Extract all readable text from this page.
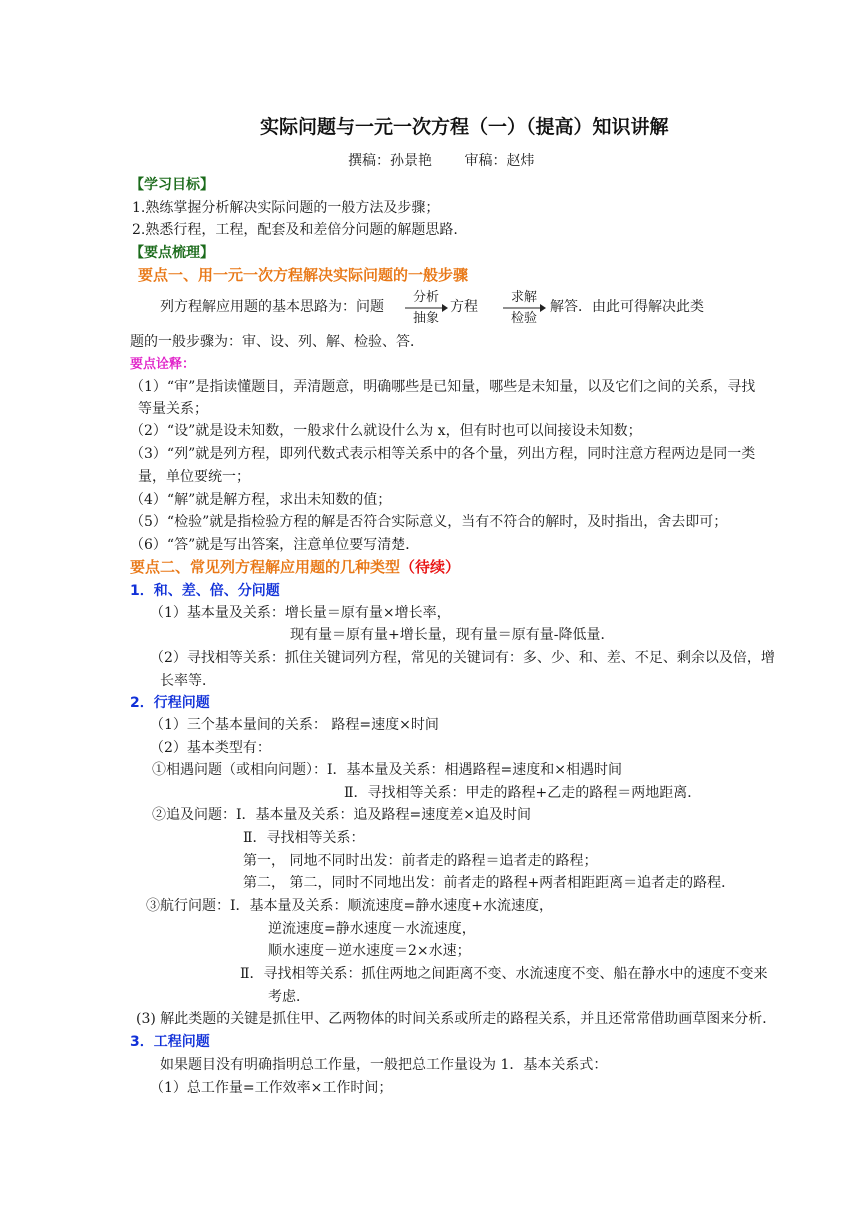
实际问题与一元一次方程（一）（提高）知识讲解
撰稿：孙景艳　　 审稿：赵炜
【学习目标】
1.熟练掌握分析解决实际问题的一般方法及步骤；
2.熟悉行程，工程，配套及和差倍分问题的解题思路.
【要点梳理】
要点一、用一元一次方程解决实际问题的一般步骤
列方程解应用题的基本思路为：问题
分析
抽象
方程
求解
检验
解答．由此可得解决此类
题的一般步骤为：审、设、列、解、检验、答．
要点诠释：
（1）“审”是指读懂题目，弄清题意，明确哪些是已知量，哪些是未知量，以及它们之间的关系，寻找
等量关系；
（2）“设”就是设未知数，一般求什么就设什么为 x，但有时也可以间接设未知数；
（3）“列”就是列方程，即列代数式表示相等关系中的各个量，列出方程，同时注意方程两边是同一类
量，单位要统一；
（4）“解”就是解方程，求出未知数的值；
（5）“检验”就是指检验方程的解是否符合实际意义，当有不符合的解时，及时指出，舍去即可；
（6）“答”就是写出答案，注意单位要写清楚．
要点二、常见列方程解应用题的几种类型（待续）
1．和、差、倍、分问题
（1）基本量及关系：增长量＝原有量×增长率，
现有量＝原有量+增长量，现有量＝原有量-降低量．
（2）寻找相等关系：抓住关键词列方程，常见的关键词有：多、少、和、差、不足、剩余以及倍，增
长率等．
2．行程问题
（1）三个基本量间的关系： 路程=速度×时间
（2）基本类型有：
①相遇问题（或相向问题）：Ⅰ．基本量及关系：相遇路程=速度和×相遇时间
Ⅱ．寻找相等关系：甲走的路程+乙走的路程＝两地距离．
②追及问题：Ⅰ．基本量及关系：追及路程=速度差×追及时间
Ⅱ．寻找相等关系：
第一， 同地不同时出发：前者走的路程＝追者走的路程；
第二， 第二，同时不同地出发：前者走的路程+两者相距距离＝追者走的路程．
③航行问题：Ⅰ．基本量及关系：顺流速度=静水速度+水流速度，
逆流速度=静水速度－水流速度，
顺水速度－逆水速度＝2×水速；
Ⅱ．寻找相等关系：抓住两地之间距离不变、水流速度不变、船在静水中的速度不变来
考虑．
(3) 解此类题的关键是抓住甲、乙两物体的时间关系或所走的路程关系，并且还常常借助画草图来分析．
3．工程问题
如果题目没有明确指明总工作量，一般把总工作量设为 1．基本关系式：
（1）总工作量=工作效率×工作时间；
